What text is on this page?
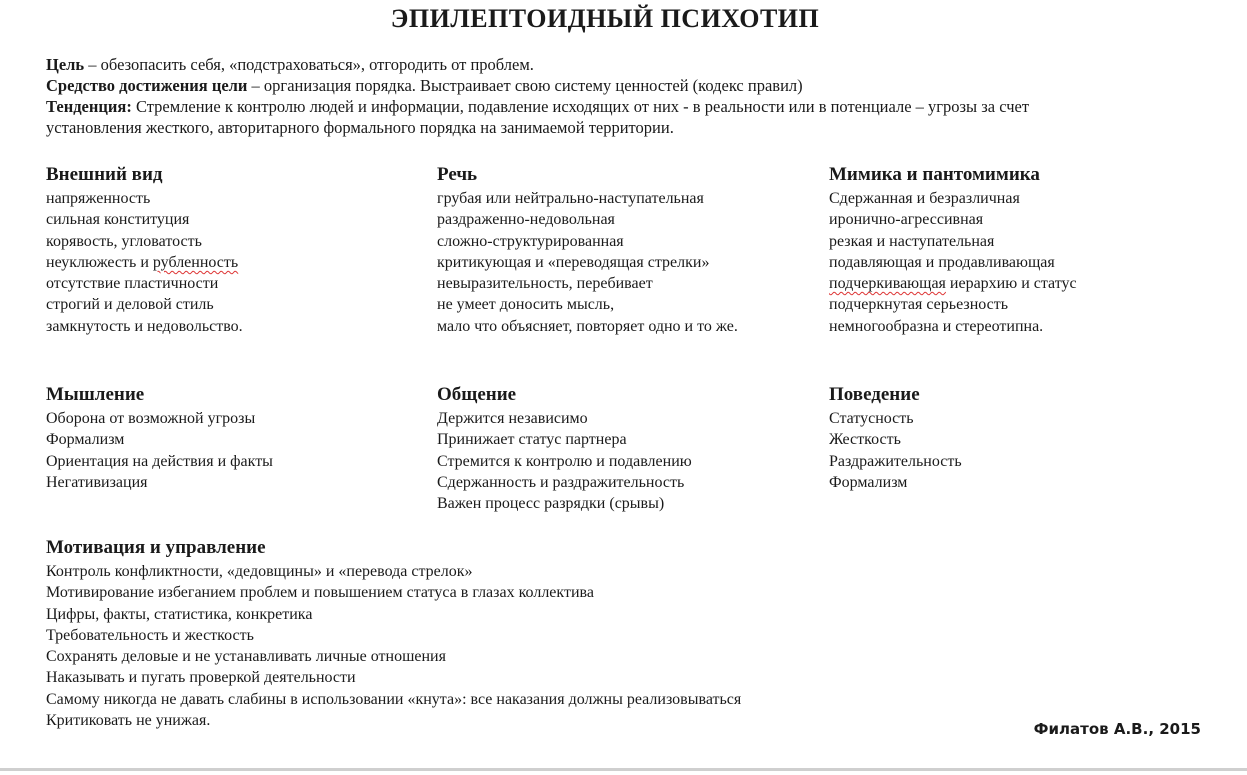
ЭПИЛЕПТОИДНЫЙ ПСИХОТИП

Цель – обезопасить себя, «подстраховаться», отгородить от проблем.

Средство достижения цели – организация порядка. Выстраивает свою систему ценностей (кодекс правил)

Тенденция: Стремление к контролю людей и информации, подавление исходящих от них - в реальности или в потенциале – угрозы за счет

установления жесткого, авторитарного формального порядка на занимаемой территории.

Внешний вид
напряженность
сильная конституция
корявость, угловатость
неуклюжесть и рубленность
отсутствие пластичности
строгий и деловой стиль
замкнутость и недовольство.
Речь
грубая или нейтрально-наступательная
раздраженно-недовольная
сложно-структурированная
критикующая и «переводящая стрелки»
невыразительность, перебивает
не умеет доносить мысль,
мало что объясняет, повторяет одно и то же.
Мимика и пантомимика
Сдержанная и безразличная
иронично-агрессивная
резкая и наступательная
подавляющая и продавливающая
подчеркивающая иерархию и статус
подчеркнутая серьезность
немногообразна и стереотипна.
Мышление
Оборона от возможной угрозы
Формализм
Ориентация на действия и факты
Негативизация
Общение
Держится независимо
Принижает статус партнера
Стремится к контролю и подавлению
Сдержанность и раздражительность
Важен процесс разрядки (срывы)
Поведение
Статусность
Жесткость
Раздражительность
Формализм
Мотивация и управление
Контроль конфликтности, «дедовщины» и «перевода стрелок»
Мотивирование избеганием проблем и повышением статуса в глазах коллектива
Цифры, факты, статистика, конкретика
Требовательность и жесткость
Сохранять деловые и не устанавливать личные отношения
Наказывать и пугать проверкой деятельности
Самому никогда не давать слабины в использовании «кнута»: все наказания должны реализовываться
Критиковать не унижая.	Филатов А.В., 2015
